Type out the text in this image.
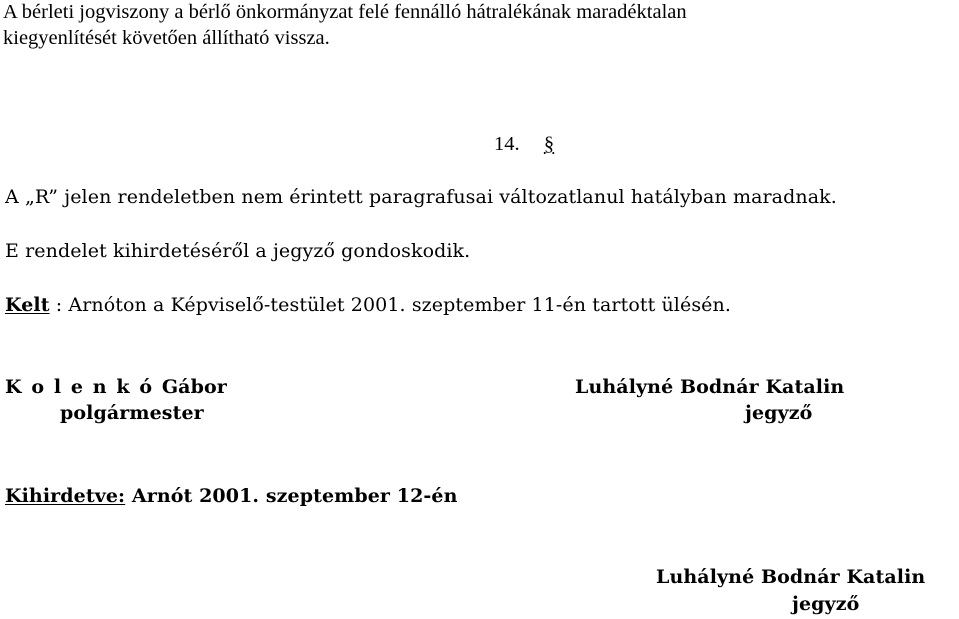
A bérleti jogviszony a bérlő önkormányzat felé fennálló hátralékának maradéktalan
kiegyenlítését követően állítható vissza.
14. §
A „R” jelen rendeletben nem érintett paragrafusai változatlanul hatályban maradnak.
E rendelet kihirdetéséről a jegyző gondoskodik.
Kelt : Arnóton a Képviselő-testület 2001. szeptember 11-én tartott ülésén.
K o l e n k ó Gábor
polgármester
Luhályné Bodnár Katalin
jegyző
Kihirdetve: Arnót 2001. szeptember 12-én
Luhályné Bodnár Katalin
jegyző
